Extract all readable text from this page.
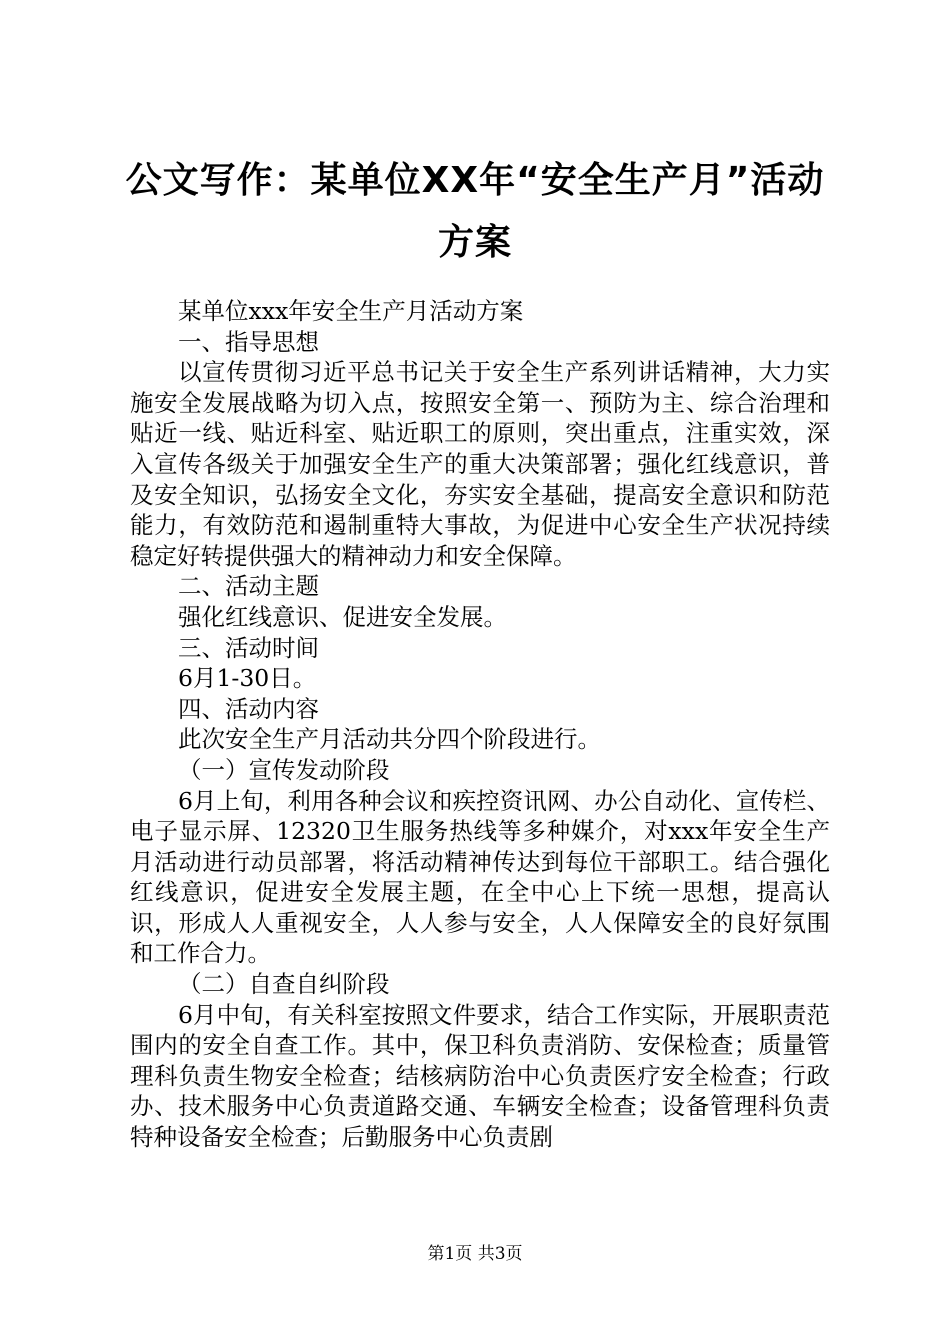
公文写作：某单位XX年“安全生产月”活动方案

某单位xxx年安全生产月活动方案

一、指导思想

以宣传贯彻习近平总书记关于安全生产系列讲话精神，大力实施安全发展战略为切入点，按照安全第一、预防为主、综合治理和贴近一线、贴近科室、贴近职工的原则，突出重点，注重实效，深入宣传各级关于加强安全生产的重大决策部署；强化红线意识，普及安全知识，弘扬安全文化，夯实安全基础，提高安全意识和防范能力，有效防范和遏制重特大事故，为促进中心安全生产状况持续稳定好转提供强大的精神动力和安全保障。

二、活动主题

强化红线意识、促进安全发展。

三、活动时间

6月1-30日。

四、活动内容

此次安全生产月活动共分四个阶段进行。

（一）宣传发动阶段

6月上旬，利用各种会议和疾控资讯网、办公自动化、宣传栏、电子显示屏、12320卫生服务热线等多种媒介，对xxx年安全生产月活动进行动员部署，将活动精神传达到每位干部职工。结合强化红线意识，促进安全发展主题，在全中心上下统一思想，提高认识，形成人人重视安全，人人参与安全，人人保障安全的良好氛围和工作合力。

（二）自查自纠阶段

6月中旬，有关科室按照文件要求，结合工作实际，开展职责范围内的安全自查工作。其中，保卫科负责消防、安保检查；质量管理科负责生物安全检查；结核病防治中心负责医疗安全检查；行政办、技术服务中心负责道路交通、车辆安全检查；设备管理科负责特种设备安全检查；后勤服务中心负责剧

第1页 共3页
